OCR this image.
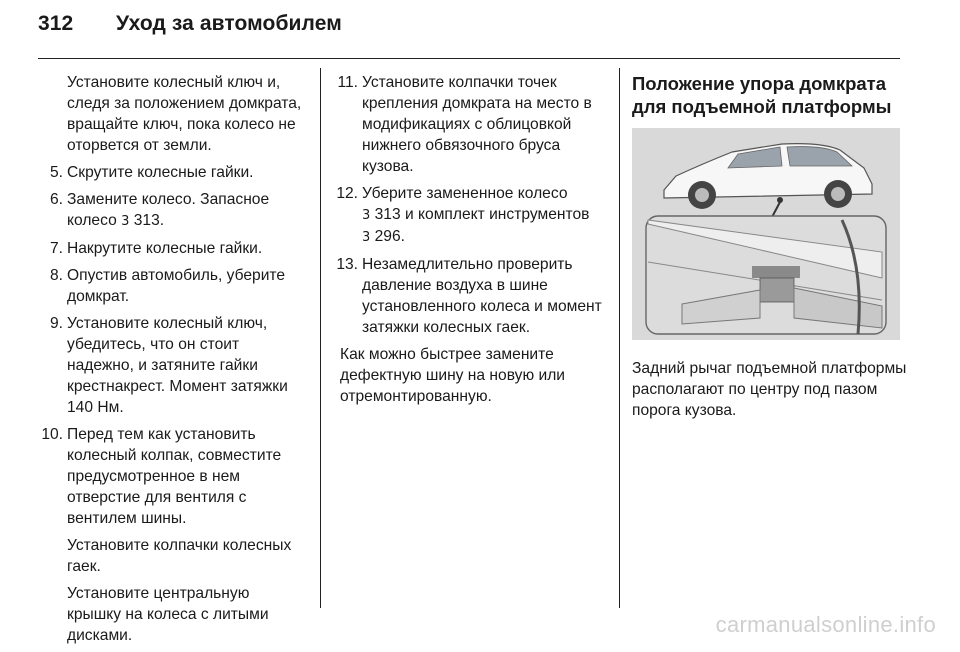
312 Уход за автомобилем

Установите колесный ключ и, следя за положением домкрата, вращайте ключ, пока колесо не оторвется от земли.

5. Скрутите колесные гайки.
6. Замените колесо. Запасное колесо 3 313.
7. Накрутите колесные гайки.
8. Опустив автомобиль, уберите домкрат.
9. Установите колесный ключ, убедитесь, что он стоит надежно, и затяните гайки крестнакрест. Момент затяжки 140 Нм.
10. Перед тем как установить колесный колпак, совместите предусмотренное в нем отверстие для вентиля с вентилем шины.

Установите колпачки колесных гаек.

Установите центральную крышку на колеса с литыми дисками.

11. Установите колпачки точек крепления домкрата на место в модификациях с облицовкой нижнего обвязочного бруса кузова.
12. Уберите замененное колесо
3 313 и комплект инструментов
3 296.
13. Незамедлительно проверить давление воздуха в шине установленного колеса и момент затяжки колесных гаек.

Как можно быстрее замените дефектную шину на новую или отремонтированную.

Положение упора домкрата для подъемной платформы

Задний рычаг подъемной платформы располагают по центру под пазом порога кузова.

carmanualsonline.info
